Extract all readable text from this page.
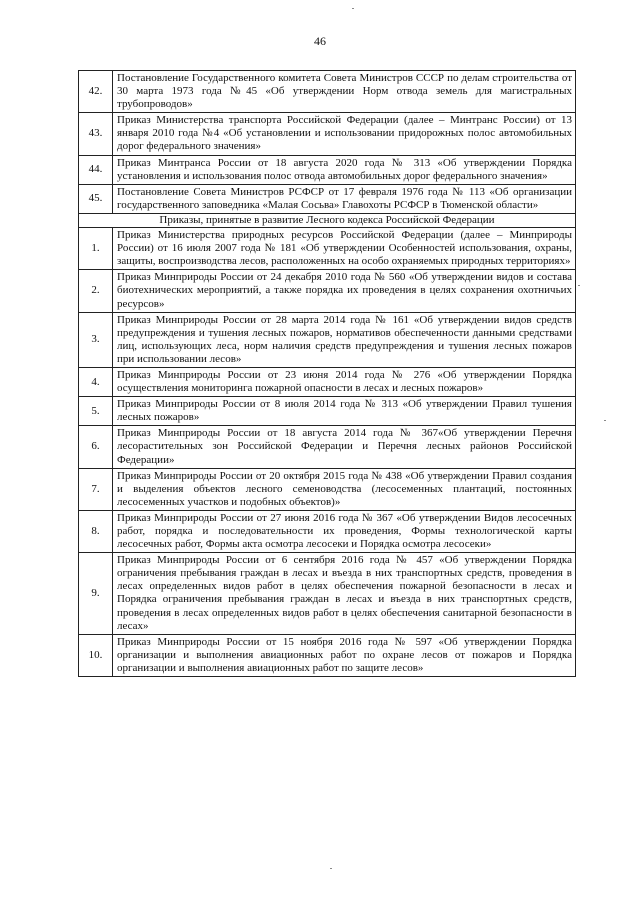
46
42.	Постановление Государственного комитета Совета Министров СССР по делам строительства от 30 марта 1973 года №45 «Об утверждении Норм отвода земель для магистральных трубопроводов»
43.	Приказ Министерства транспорта Российской Федерации (далее – Минтранс России) от 13 января 2010 года №4 «Об установлении и использовании придорожных полос автомобильных дорог федерального значения»
44.	Приказ Минтранса России от 18 августа 2020 года № 313 «Об утверждении Порядка установления и использования полос отвода автомобильных дорог федерального значения»
45.	Постановление Совета Министров РСФСР от 17 февраля 1976 года № 113 «Об организации государственного заповедника «Малая Сосьва» Главохоты РСФСР в Тюменской области»
Приказы, принятые в развитие Лесного кодекса Российской Федерации	
1.	Приказ Министерства природных ресурсов Российской Федерации (далее – Минприроды России) от 16 июля 2007 года № 181 «Об утверждении Особенностей использования, охраны, защиты, воспроизводства лесов, расположенных на особо охраняемых природных территориях»
2.	Приказ Минприроды России от 24 декабря 2010 года № 560 «Об утверждении видов и состава биотехнических мероприятий, а также порядка их проведения в целях сохранения охотничьих ресурсов»
3.	Приказ Минприроды России от 28 марта 2014 года № 161 «Об утверждении видов средств предупреждения и тушения лесных пожаров, нормативов обеспеченности данными средствами лиц, использующих леса, норм наличия средств предупреждения и тушения лесных пожаров при использовании лесов»
4.	Приказ Минприроды России от 23 июня 2014 года № 276 «Об утверждении Порядка осуществления мониторинга пожарной опасности в лесах и лесных пожаров»
5.	Приказ Минприроды России от 8 июля 2014 года № 313 «Об утверждении Правил тушения лесных пожаров»
6.	Приказ Минприроды России от 18 августа 2014 года № 367«Об утверждении Перечня лесорастительных зон Российской Федерации и Перечня лесных районов Российской Федерации»
7.	Приказ Минприроды России от 20 октября 2015 года № 438 «Об утверждении Правил создания и выделения объектов лесного семеноводства (лесосеменных плантаций, постоянных лесосеменных участков и подобных объектов)»
8.	Приказ Минприроды России от 27 июня 2016 года № 367 «Об утверждении Видов лесосечных работ, порядка и последовательности их проведения, Формы технологической карты лесосечных работ, Формы акта осмотра лесосеки и Порядка осмотра лесосеки»
9.	Приказ Минприроды России от 6 сентября 2016 года № 457 «Об утверждении Порядка ограничения пребывания граждан в лесах и въезда в них транспортных средств, проведения в лесах определенных видов работ в целях обеспечения пожарной безопасности в лесах и Порядка ограничения пребывания граждан в лесах и въезда в них транспортных средств, проведения в лесах определенных видов работ в целях обеспечения санитарной безопасности в лесах»
10.	Приказ Минприроды России от 15 ноября 2016 года № 597 «Об утверждении Порядка организации и выполнения авиационных работ по охране лесов от пожаров и Порядка организации и выполнения авиационных работ по защите лесов»
